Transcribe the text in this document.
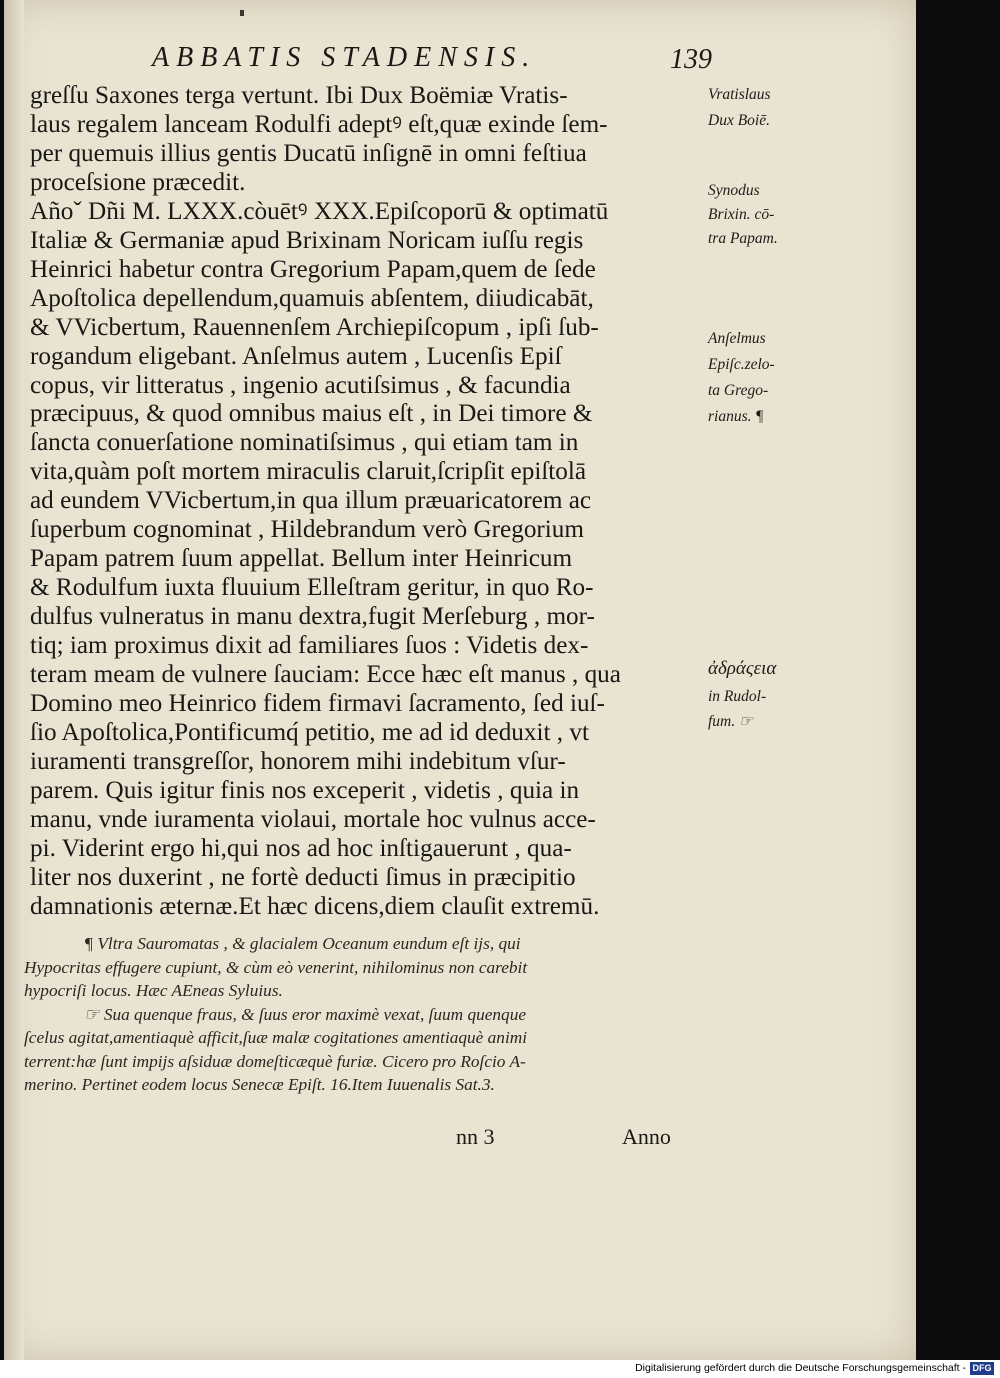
ABBATIS STADENSIS.	139
greſſu Saxones terga vertunt. Ibi Dux Boëmiæ Vratis-
laus regalem lanceam Rodulfi adeptꝰ eſt,quæ exinde ſem-
per quemuis illius gentis Ducatū inſignē in omni feſtiua
proceſsione præcedit.
Añoˇ Dñi M. LXXX.còuētꝰ XXX.Epiſcoporū & optimatū
Italiæ & Germaniæ apud Brixinam Noricam iuſſu regis
Heinrici habetur contra Gregorium Papam,quem de ſede
Apoſtolica depellendum,quamuis abſentem, diiudicabāt,
& VVicbertum, Rauennenſem Archiepiſcopum , ipſi ſub-
rogandum eligebant. Anſelmus autem , Lucenſis Epiſ
copus, vir litteratus , ingenio acutiſsimus , & facundia
præcipuus, & quod omnibus maius eſt , in Dei timore &
ſancta conuerſatione nominatiſsimus , qui etiam tam in
vita,quàm poſt mortem miraculis claruit,ſcripſit epiſtolā
ad eundem VVicbertum,in qua illum præuaricatorem ac
ſuperbum cognominat , Hildebrandum verò Gregorium
Papam patrem ſuum appellat. Bellum inter Heinricum
& Rodulfum iuxta fluuium Elleſtram geritur, in quo Ro-
dulfus vulneratus in manu dextra,fugit Merſeburg , mor-
tiq; iam proximus dixit ad familiares ſuos : Videtis dex-
teram meam de vulnere ſauciam: Ecce hæc eſt manus , qua
Domino meo Heinrico fidem firmavi ſacramento, ſed iuſ-
ſio Apoſtolica,Pontificumq́ petitio, me ad id deduxit , vt
iuramenti transgreſſor, honorem mihi indebitum vſur-
parem. Quis igitur finis nos exceperit , videtis , quia in
manu, vnde iuramenta violaui, mortale hoc vulnus acce-
pi. Viderint ergo hi,qui nos ad hoc inſtigauerunt , qua-
liter nos duxerint , ne fortè deducti ſimus in præcipitio
damnationis æternæ.Et hæc dicens,diem clauſit extremū.
¶ Vltra Sauromatas , & glacialem Oceanum eundum eſt ijs, qui
Hypocritas effugere cupiunt, & cùm eò venerint, nihilominus non carebit
hypocriſi locus. Hæc AEneas Syluius.
☞ Sua quenque fraus, & ſuus eror maximè vexat, ſuum quenque
ſcelus agitat,amentiaquè afficit,ſuæ malæ cogitationes amentiaquè animi
terrent:hæ ſunt impijs aſsiduæ domeſticæquè furiæ. Cicero pro Roſcio A-
merino. Pertinet eodem locus Senecæ Epiſt. 16.Item Iuuenalis Sat.3.
Vratislaus
Dux Boiē.
Synodus
Brixin. cō-
tra Papam.
Anſelmus
Epiſc.zelo-
ta Grego-
rianus. ¶
ἀδράςεια
in Rudol-
fum. ☞
nn 3	Anno
Digitalisierung gefördert durch die Deutsche Forschungsgemeinschaft - DFG
